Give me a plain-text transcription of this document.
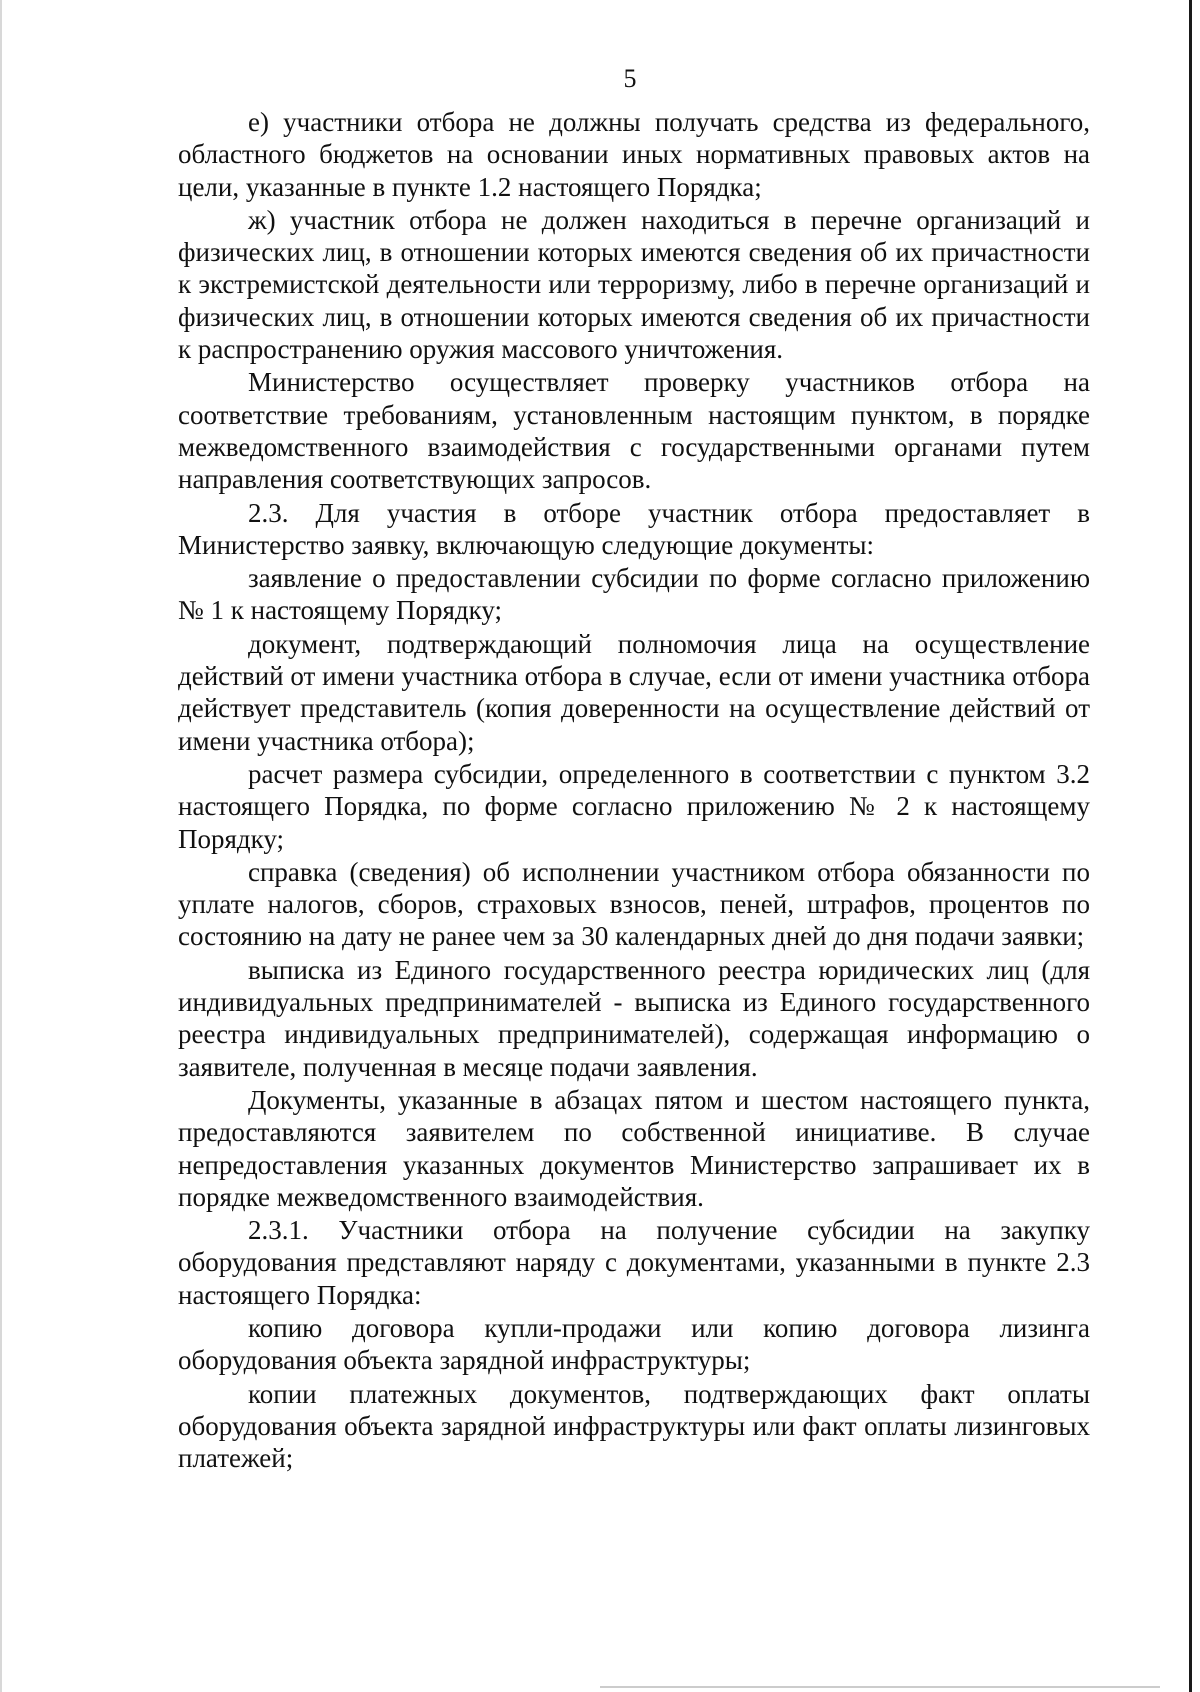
5

е) участники отбора не должны получать средства из федерального, областного бюджетов на основании иных нормативных правовых актов на цели, указанные в пункте 1.2 настоящего Порядка;

ж) участник отбора не должен находиться в перечне организаций и физических лиц, в отношении которых имеются сведения об их причастности к экстремистской деятельности или терроризму, либо в перечне организаций и физических лиц, в отношении которых имеются сведения об их причастности к распространению оружия массового уничтожения.

Министерство осуществляет проверку участников отбора на соответствие требованиям, установленным настоящим пунктом, в порядке межведомственного взаимодействия с государственными органами путем направления соответствующих запросов.

2.3. Для участия в отборе участник отбора предоставляет в Министерство заявку, включающую следующие документы:

заявление о предоставлении субсидии по форме согласно приложению № 1 к настоящему Порядку;

документ, подтверждающий полномочия лица на осуществление действий от имени участника отбора в случае, если от имени участника отбора действует представитель (копия доверенности на осуществление действий от имени участника отбора);

расчет размера субсидии, определенного в соответствии с пунктом 3.2 настоящего Порядка, по форме согласно приложению № 2 к настоящему Порядку;

справка (сведения) об исполнении участником отбора обязанности по уплате налогов, сборов, страховых взносов, пеней, штрафов, процентов по состоянию на дату не ранее чем за 30 календарных дней до дня подачи заявки;

выписка из Единого государственного реестра юридических лиц (для индивидуальных предпринимателей - выписка из Единого государственного реестра индивидуальных предпринимателей), содержащая информацию о заявителе, полученная в месяце подачи заявления.

Документы, указанные в абзацах пятом и шестом настоящего пункта, предоставляются заявителем по собственной инициативе. В случае непредоставления указанных документов Министерство запрашивает их в порядке межведомственного взаимодействия.

2.3.1. Участники отбора на получение субсидии на закупку оборудования представляют наряду с документами, указанными в пункте 2.3 настоящего Порядка:

копию договора купли-продажи или копию договора лизинга оборудования объекта зарядной инфраструктуры;

копии платежных документов, подтверждающих факт оплаты оборудования объекта зарядной инфраструктуры или факт оплаты лизинговых платежей;
